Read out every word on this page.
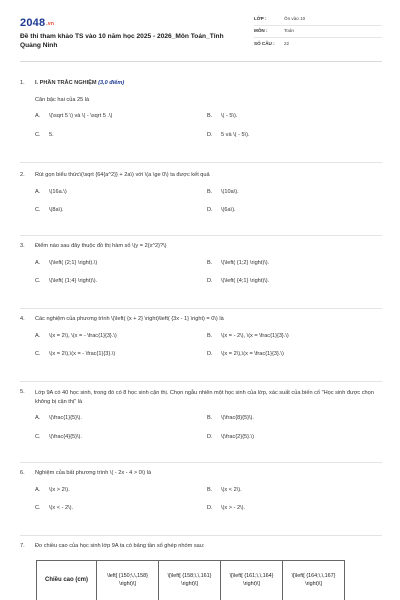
2048.vn
Đề thi tham khảo TS vào 10 năm học 2025 - 2026_Môn Toán_Tỉnh Quảng Ninh
LỚP :	Ôn vào 10
MÔN :	Toán
SỐ CÂU :	22
1.	I. PHẦN TRẮC NGHIỆM (3,0 điểm)
Căn bậc hai của 25 là
A.	\(\sqrt 5 \) và \( - \sqrt 5 .\)	B.	\( - 5\).
C.	5.	D.	5 và \( - 5\).
2.	Rút gọn biểu thức\(\sqrt {64{a^2}} + 2a\) với \(a \ge 0\) ta được kết quả
A.	\(16a.\)	B.	\(10a\).
C.	\(8a\).	D.	\(6a\).
3.	Điểm nào sau đây thuộc đồ thị hàm số \(y = 2{x^2}?\)
A.	\(\left( {2;1} \right).\)	B.	\(\left( {1;2} \right)\).
C.	\(\left( {1;4} \right)\).	D.	\(\left( {4;1} \right)\).
4.	Các nghiệm của phương trình \(\left( {x + 2} \right)\left( {3x - 1} \right) = 0\) là
A.	\(x = 2\), \(x = - \frac{1}{3}.\)	B.	\(x = - 2\), \(x = \frac{1}{3}.\)
C.	\(x = 2\),\(x = - \frac{1}{3}.\)	D.	\(x = 2\),\(x = \frac{1}{3}.\)
5.	Lớp 9A có 40 học sinh, trong đó có 8 học sinh cận thị. Chọn ngẫu nhiên một học sinh của lớp, xác suất của biến cố "Học sinh được chọn không bị cận thị" là
A.	\(\frac{1}{5}\).	B.	\(\frac{8}{5}\).
C.	\(\frac{4}{5}\).	D.	\(\frac{2}{5}.\)
6.	Nghiệm của bất phương trình \( - 2x - 4 > 0\) là
A.	\(x > 2\).	B.	\(x < 2\).
C.	\(x < - 2\).	D.	\(x > - 2\).
7.	Đo chiều cao của học sinh lớp 9A ta có bảng tần số ghép nhóm sau:
Chiều cao (cm)	\left[ {150;\,\,158} \right)\]	\[\left[ {158;\,\,161} \right)\]	\[\left[ {161;\,\,164} \right)\]	\[\left[ {164;\,\,167} \right)\]
